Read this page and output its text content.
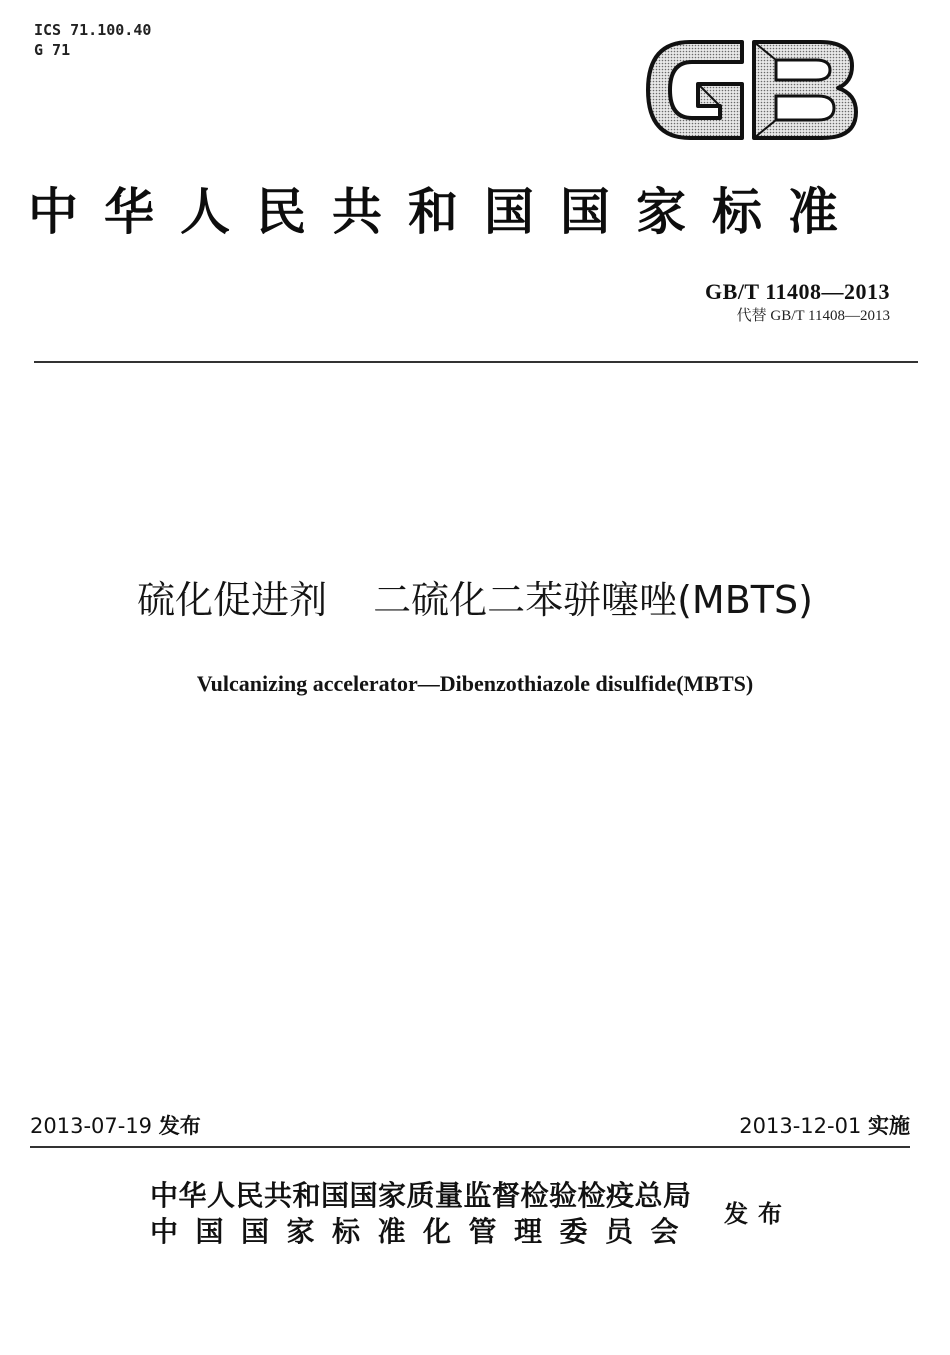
ICS 71.100.40
G 71
中华人民共和国国家标准
GB/T 11408—2013
代替 GB/T 11408—2013
硫化促进剂 二硫化二苯骈噻唑(MBTS)
Vulcanizing accelerator—Dibenzothiazole disulfide(MBTS)
2013-07-19 发布	2013-12-01 实施
中华人民共和国国家质量监督检验检疫总局
中国国家标准化管理委员会
发布
